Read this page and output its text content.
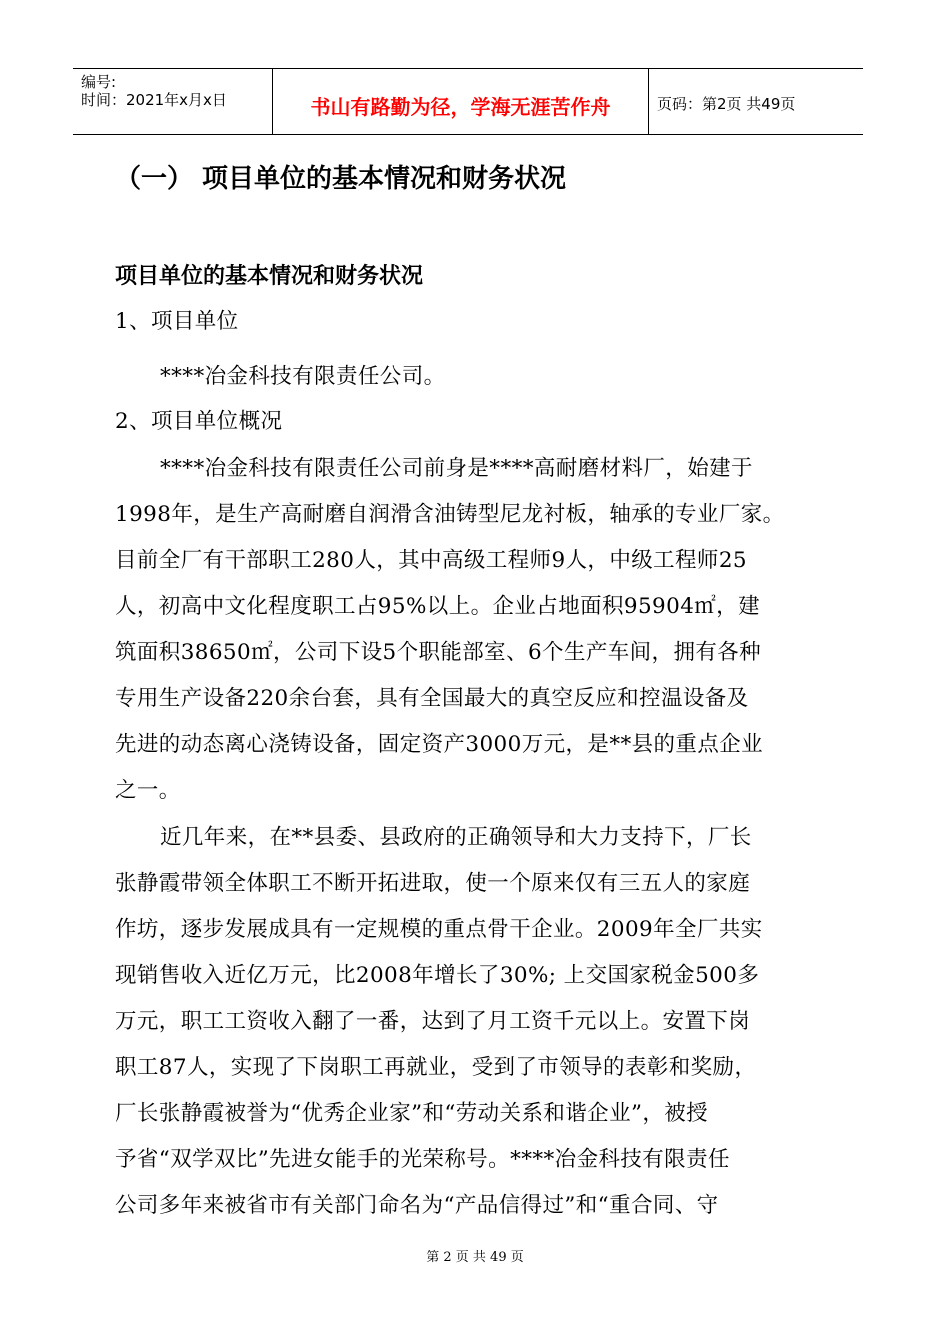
编号:
时间：2021年x月x日	书山有路勤为径，学海无涯苦作舟	页码：第2页 共49页
（一） 项目单位的基本情况和财务状况
项目单位的基本情况和财务状况
1、项目单位
****冶金科技有限责任公司。
2、项目单位概况
****冶金科技有限责任公司前身是****高耐磨材料厂，始建于
1998年，是生产高耐磨自润滑含油铸型尼龙衬板，轴承的专业厂家。
目前全厂有干部职工280人，其中高级工程师9人，中级工程师25
人，初高中文化程度职工占95%以上。企业占地面积95904㎡，建
筑面积38650㎡，公司下设5个职能部室、6个生产车间，拥有各种
专用生产设备220余台套，具有全国最大的真空反应和控温设备及
先进的动态离心浇铸设备，固定资产3000万元，是**县的重点企业
之一。
近几年来，在**县委、县政府的正确领导和大力支持下，厂长
张静霞带领全体职工不断开拓进取，使一个原来仅有三五人的家庭
作坊，逐步发展成具有一定规模的重点骨干企业。2009年全厂共实
现销售收入近亿万元，比2008年增长了30%; 上交国家税金500多
万元，职工工资收入翻了一番，达到了月工资千元以上。安置下岗
职工87人，实现了下岗职工再就业，受到了市领导的表彰和奖励，
厂长张静霞被誉为“优秀企业家”和“劳动关系和谐企业”，被授
予省“双学双比”先进女能手的光荣称号。****冶金科技有限责任
公司多年来被省市有关部门命名为“产品信得过”和“重合同、守
第 2 页 共 49 页
